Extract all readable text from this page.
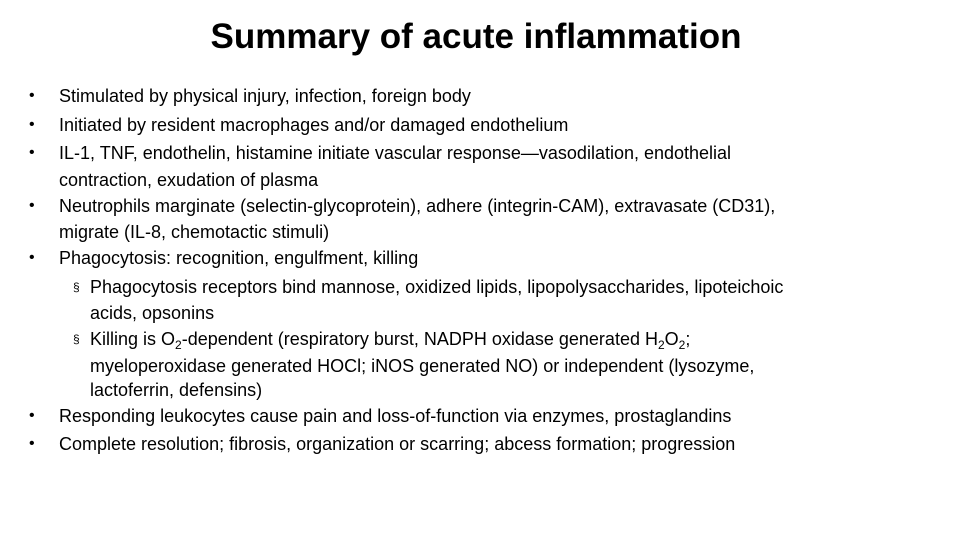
Summary of acute inflammation
•	Stimulated by physical injury, infection, foreign body
•	Initiated by resident macrophages and/or damaged endothelium
•	IL-1, TNF, endothelin, histamine initiate vascular response—vasodilation, endothelial
contraction, exudation of plasma
•	Neutrophils marginate (selectin-glycoprotein), adhere (integrin-CAM), extravasate (CD31),
migrate (IL-8, chemotactic stimuli)
•	Phagocytosis: recognition, engulfment, killing
§ Phagocytosis receptors bind mannose, oxidized lipids, lipopolysaccharides, lipoteichoic
acids, opsonins
§ Killing is $O_2$-dependent (respiratory burst, NADPH oxidase generated $H_2O_2$;
myeloperoxidase generated HOCl; iNOS generated NO) or independent (lysozyme,
lactoferrin, defensins)
•	Responding leukocytes cause pain and loss-of-function via enzymes, prostaglandins
•	Complete resolution; fibrosis, organization or scarring; abcess formation; progression
